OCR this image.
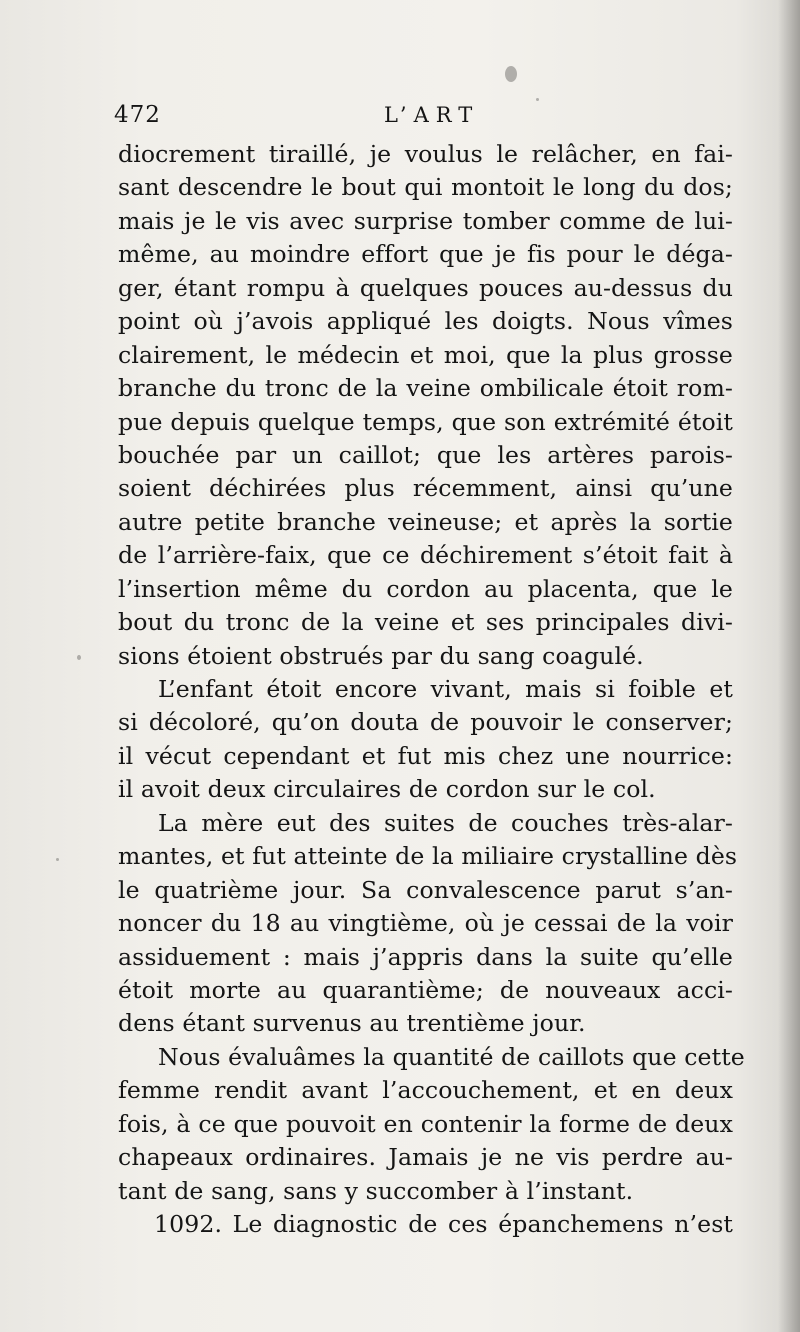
472	L’ART
diocrement tiraillé, je voulus le relâcher, en fai-
sant descendre le bout qui montoit le long du dos;
mais je le vis avec surprise tomber comme de lui-
même, au moindre effort que je fis pour le déga-
ger, étant rompu à quelques pouces au-dessus du
point où j’avois appliqué les doigts. Nous vîmes
clairement, le médecin et moi, que la plus grosse
branche du tronc de la veine ombilicale étoit rom-
pue depuis quelque temps, que son extrémité étoit
bouchée par un caillot; que les artères parois-
soient déchirées plus récemment, ainsi qu’une
autre petite branche veineuse; et après la sortie
de l’arrière-faix, que ce déchirement s’étoit fait à
l’insertion même du cordon au placenta, que le
bout du tronc de la veine et ses principales divi-
sions étoient obstrués par du sang coagulé.
L’enfant étoit encore vivant, mais si foible et
si décoloré, qu’on douta de pouvoir le conserver;
il vécut cependant et fut mis chez une nourrice:
il avoit deux circulaires de cordon sur le col.
La mère eut des suites de couches très-alar-
mantes, et fut atteinte de la miliaire crystalline dès
le quatrième jour. Sa convalescence parut s’an-
noncer du 18 au vingtième, où je cessai de la voir
assiduement : mais j’appris dans la suite qu’elle
étoit morte au quarantième; de nouveaux acci-
dens étant survenus au trentième jour.
Nous évaluâmes la quantité de caillots que cette
femme rendit avant l’accouchement, et en deux
fois, à ce que pouvoit en contenir la forme de deux
chapeaux ordinaires. Jamais je ne vis perdre au-
tant de sang, sans y succomber à l’instant.
1092. Le diagnostic de ces épanchemens n’est
